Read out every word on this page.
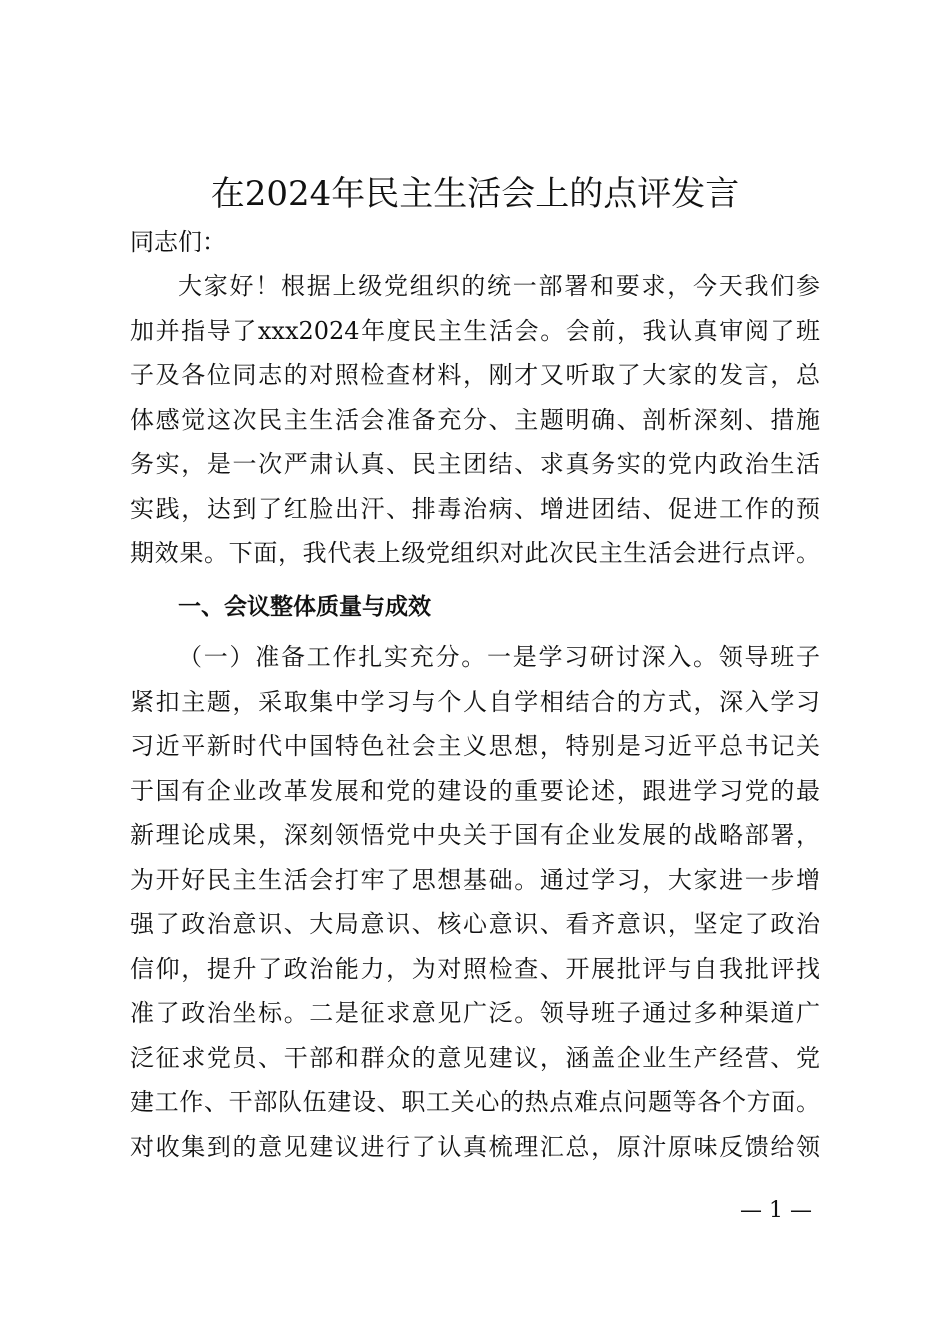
在2024年民主生活会上的点评发言
同志们：
大家好！根据上级党组织的统一部署和要求，今天我们参
加并指导了xxx2024年度民主生活会。会前，我认真审阅了班
子及各位同志的对照检查材料，刚才又听取了大家的发言，总
体感觉这次民主生活会准备充分、主题明确、剖析深刻、措施
务实，是一次严肃认真、民主团结、求真务实的党内政治生活
实践，达到了红脸出汗、排毒治病、增进团结、促进工作的预
期效果。下面，我代表上级党组织对此次民主生活会进行点评。
一、会议整体质量与成效
（一）准备工作扎实充分。一是学习研讨深入。领导班子
紧扣主题，采取集中学习与个人自学相结合的方式，深入学习
习近平新时代中国特色社会主义思想，特别是习近平总书记关
于国有企业改革发展和党的建设的重要论述，跟进学习党的最
新理论成果，深刻领悟党中央关于国有企业发展的战略部署，
为开好民主生活会打牢了思想基础。通过学习，大家进一步增
强了政治意识、大局意识、核心意识、看齐意识，坚定了政治
信仰，提升了政治能力，为对照检查、开展批评与自我批评找
准了政治坐标。二是征求意见广泛。领导班子通过多种渠道广
泛征求党员、干部和群众的意见建议，涵盖企业生产经营、党
建工作、干部队伍建设、职工关心的热点难点问题等各个方面。
对收集到的意见建议进行了认真梳理汇总，原汁原味反馈给领
— 1 —
